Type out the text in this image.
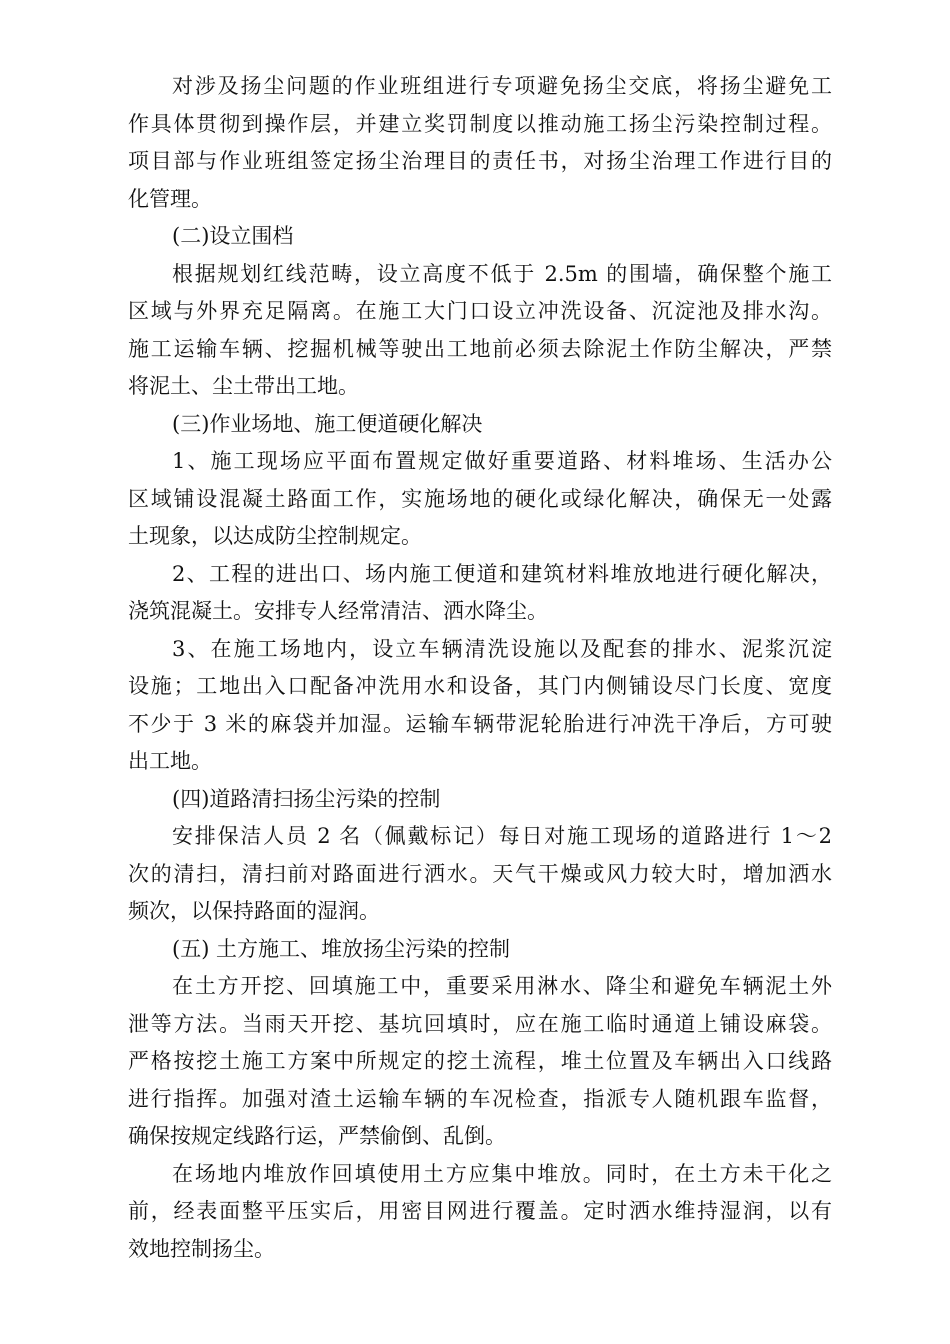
对涉及扬尘问题的作业班组进行专项避免扬尘交底，将扬尘避免工
作具体贯彻到操作层，并建立奖罚制度以推动施工扬尘污染控制过程。
项目部与作业班组签定扬尘治理目的责任书，对扬尘治理工作进行目的
化管理。
(二)设立围档
根据规划红线范畴，设立高度不低于 2.5m 的围墙，确保整个施工
区域与外界充足隔离。在施工大门口设立冲洗设备、沉淀池及排水沟。
施工运输车辆、挖掘机械等驶出工地前必须去除泥土作防尘解决，严禁
将泥土、尘土带出工地。
(三)作业场地、施工便道硬化解决
1、施工现场应平面布置规定做好重要道路、材料堆场、生活办公
区域铺设混凝土路面工作，实施场地的硬化或绿化解决，确保无一处露
土现象，以达成防尘控制规定。
2、工程的进出口、场内施工便道和建筑材料堆放地进行硬化解决，
浇筑混凝土。安排专人经常清洁、洒水降尘。
3、在施工场地内，设立车辆清洗设施以及配套的排水、泥浆沉淀
设施；工地出入口配备冲洗用水和设备，其门内侧铺设尽门长度、宽度
不少于 3 米的麻袋并加湿。运输车辆带泥轮胎进行冲洗干净后，方可驶
出工地。
(四)道路清扫扬尘污染的控制
安排保洁人员 2 名（佩戴标记）每日对施工现场的道路进行 1～2
次的清扫，清扫前对路面进行洒水。天气干燥或风力较大时，增加洒水
频次，以保持路面的湿润。
(五) 土方施工、堆放扬尘污染的控制
在土方开挖、回填施工中，重要采用淋水、降尘和避免车辆泥土外
泄等方法。当雨天开挖、基坑回填时，应在施工临时通道上铺设麻袋。
严格按挖土施工方案中所规定的挖土流程，堆土位置及车辆出入口线路
进行指挥。加强对渣土运输车辆的车况检查，指派专人随机跟车监督，
确保按规定线路行运，严禁偷倒、乱倒。
在场地内堆放作回填使用土方应集中堆放。同时，在土方未干化之
前，经表面整平压实后，用密目网进行覆盖。定时洒水维持湿润，以有
效地控制扬尘。
